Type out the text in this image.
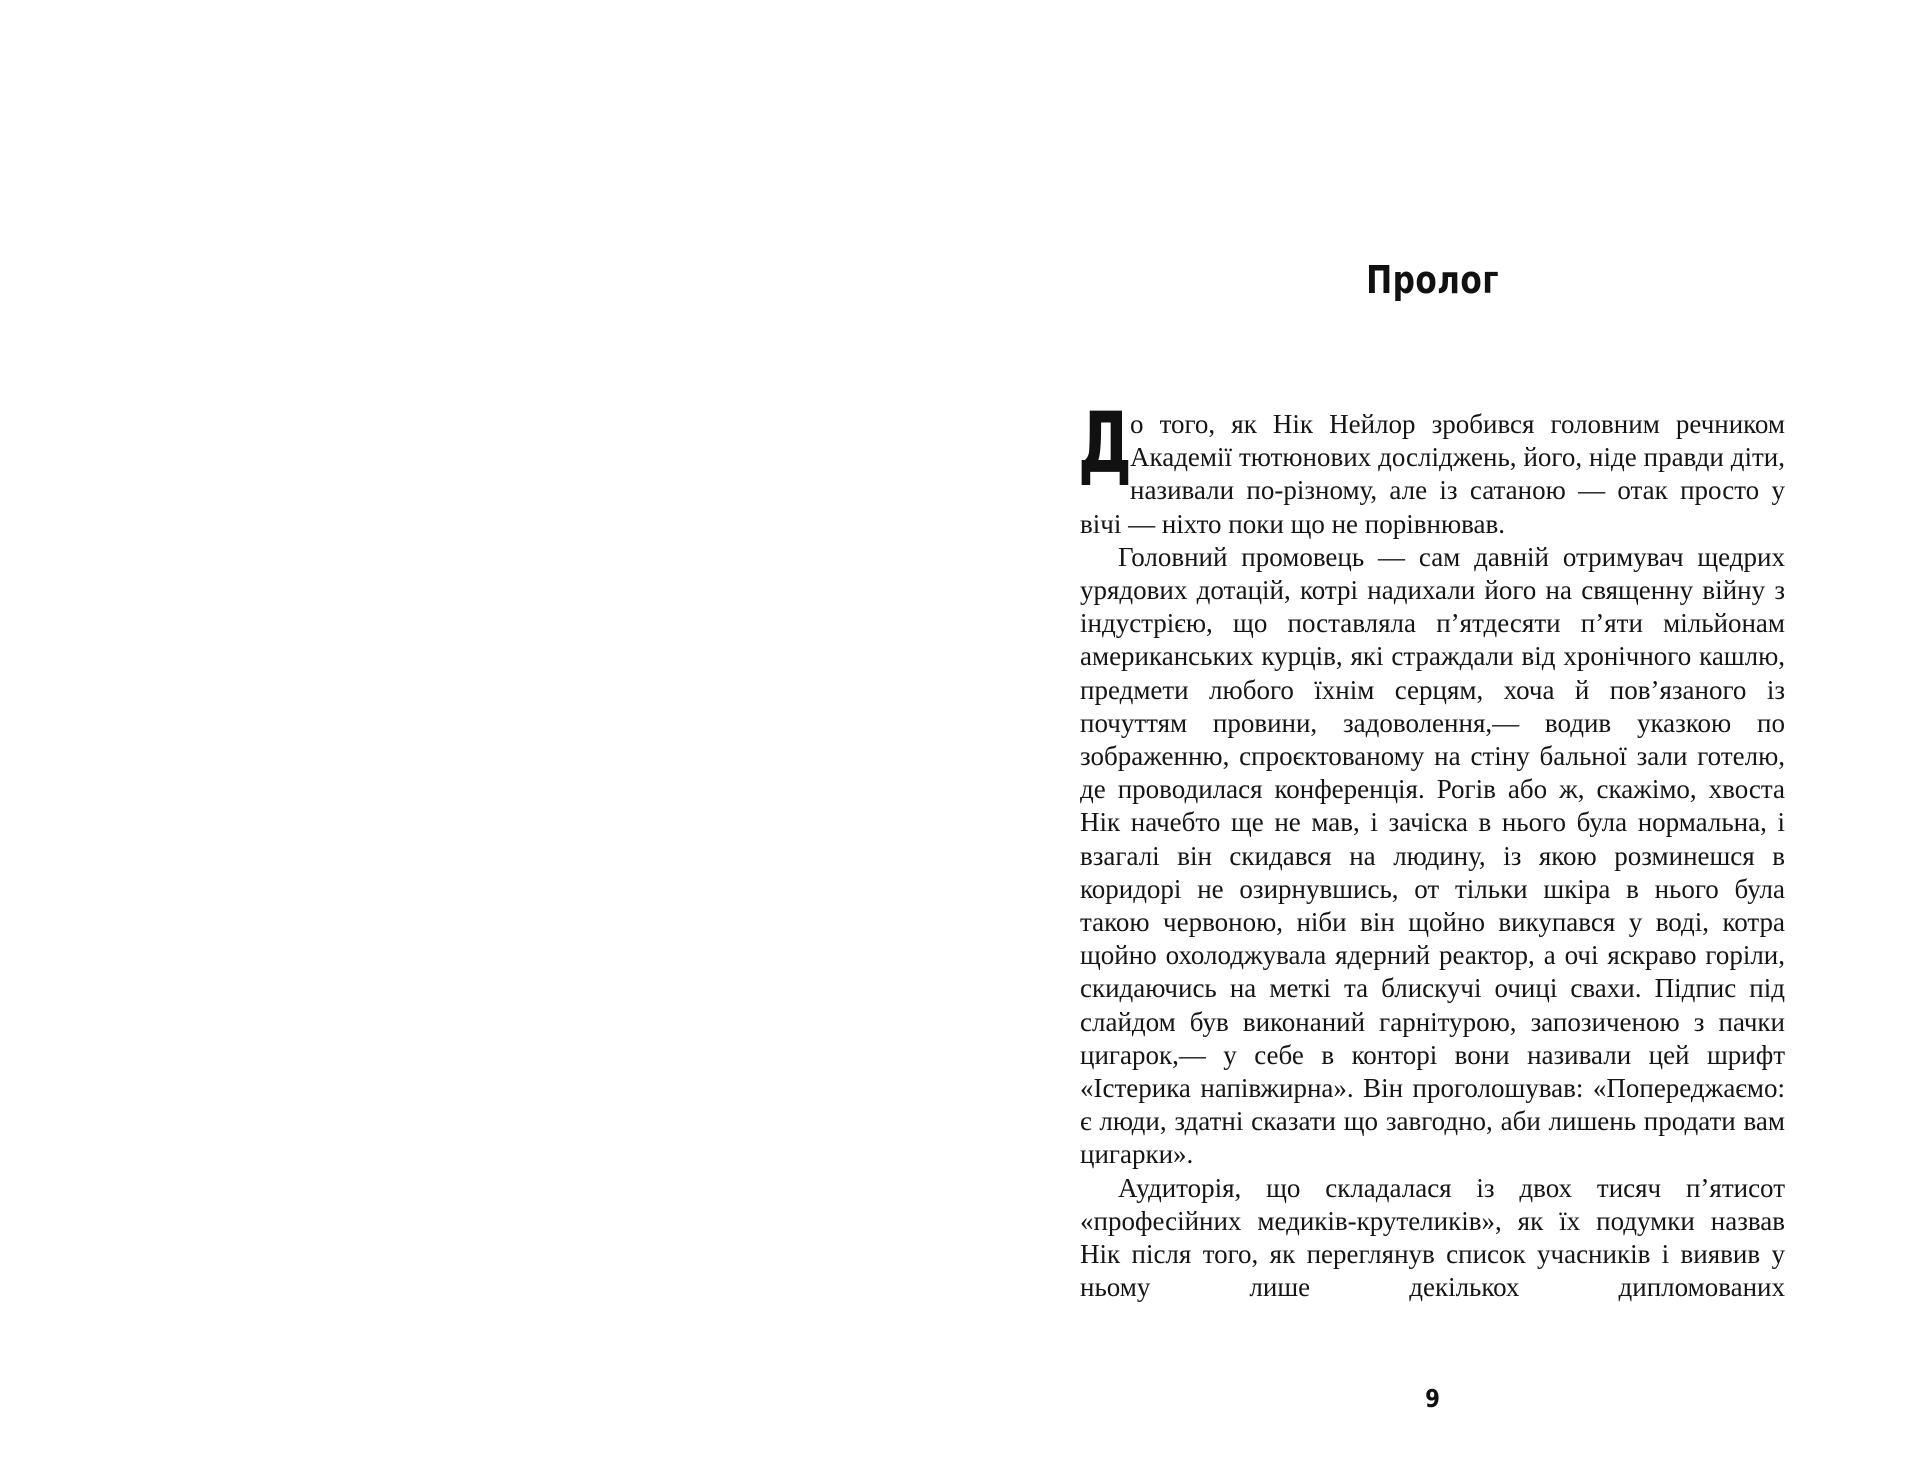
Пролог

Д
о того, як Нік Нейлор зробився головним речником Академії тютюнових досліджень, його, ніде правди діти, називали по-різному, але із сатаною — отак просто у вічі — ніхто поки що не порівнював.

Головний промовець — сам давній отримувач щедрих урядових дотацій, котрі надихали його на священну війну з індустрією, що поставляла п’ятдесяти п’яти мільйонам американських курців, які страждали від хронічного кашлю, предмети любого їхнім серцям, хоча й пов’язаного із почуттям провини, задоволення,— водив указкою по зображенню, спроєктованому на стіну бальної зали готелю, де проводилася конференція. Рогів або ж, скажімо, хвоста Нік начебто ще не мав, і зачіска в нього була нормальна, і взагалі він скидався на людину, із якою розминешся в коридорі не озирнувшись, от тільки шкіра в нього була такою червоною, ніби він щойно викупався у воді, котра щойно охолоджувала ядерний реактор, а очі яскраво горіли, скидаючись на меткі та блискучі очиці свахи. Підпис під слайдом був виконаний гарнітурою, запозиченою з пачки цигарок,— у себе в конторі вони називали цей шрифт «Істерика напівжирна». Він проголошував: «Попереджаємо: є люди, здатні сказати що завгодно, аби лишень продати вам цигарки».

Аудиторія, що складалася із двох тисяч п’ятисот «професійних медиків-крутеликів», як їх подумки назвав Нік після того, як переглянув список учасників і виявив у ньому лише декількох дипломованих

9
